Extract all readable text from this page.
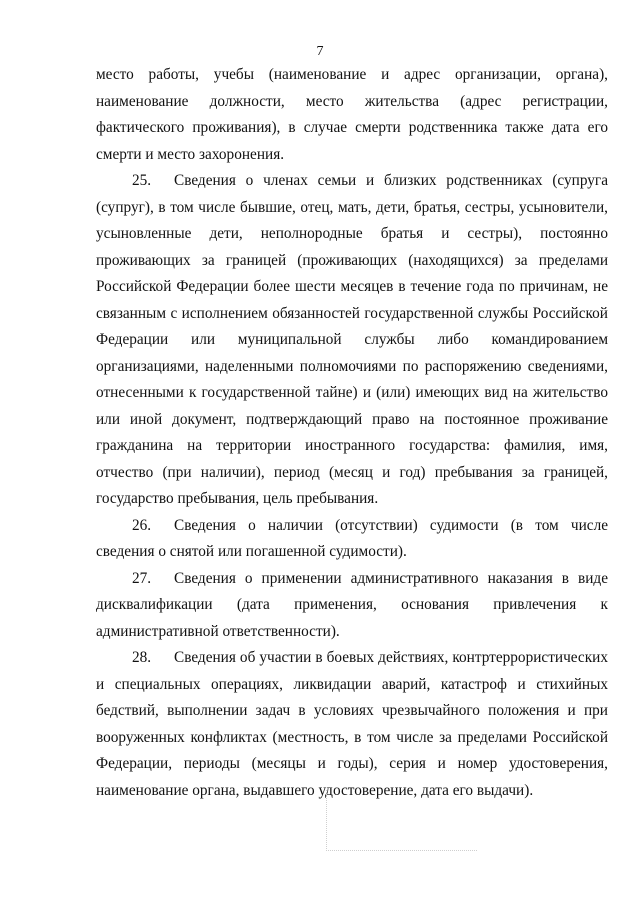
7

место работы, учебы (наименование и адрес организации, органа), наименование должности, место жительства (адрес регистрации, фактического проживания), в случае смерти родственника также дата его смерти и место захоронения.

25. Сведения о членах семьи и близких родственниках (супруга (супруг), в том числе бывшие, отец, мать, дети, братья, сестры, усыновители, усыновленные дети, неполнородные братья и сестры), постоянно проживающих за границей (проживающих (находящихся) за пределами Российской Федерации более шести месяцев в течение года по причинам, не связанным с исполнением обязанностей государственной службы Российской Федерации или муниципальной службы либо командированием организациями, наделенными полномочиями по распоряжению сведениями, отнесенными к государственной тайне) и (или) имеющих вид на жительство или иной документ, подтверждающий право на постоянное проживание гражданина на территории иностранного государства: фамилия, имя, отчество (при наличии), период (месяц и год) пребывания за границей, государство пребывания, цель пребывания.

26. Сведения о наличии (отсутствии) судимости (в том числе сведения о снятой или погашенной судимости).

27. Сведения о применении административного наказания в виде дисквалификации (дата применения, основания привлечения к административной ответственности).

28. Сведения об участии в боевых действиях, контртеррористических и специальных операциях, ликвидации аварий, катастроф и стихийных бедствий, выполнении задач в условиях чрезвычайного положения и при вооруженных конфликтах (местность, в том числе за пределами Российской Федерации, периоды (месяцы и годы), серия и номер удостоверения, наименование органа, выдавшего удостоверение, дата его выдачи).
